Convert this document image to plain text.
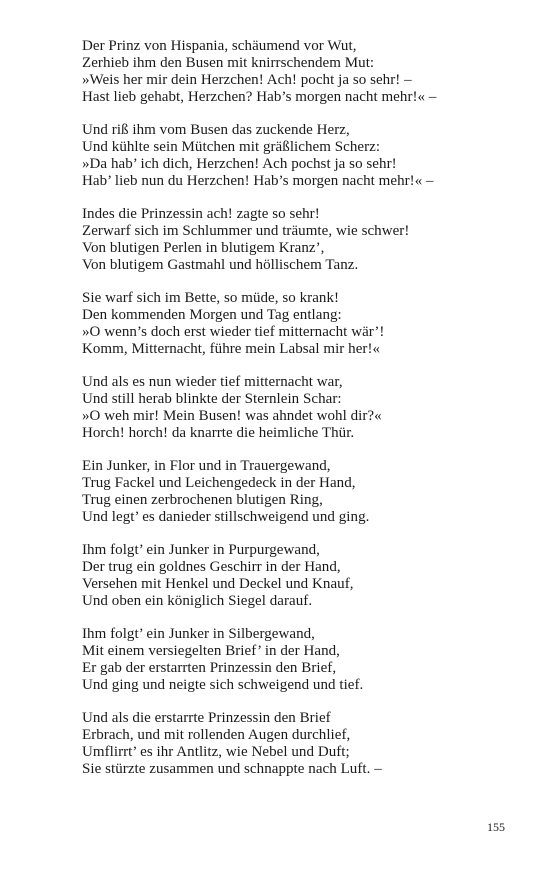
Der Prinz von Hispania, schäumend vor Wut,
Zerhieb ihm den Busen mit knirrschendem Mut:
»Weis her mir dein Herzchen! Ach! pocht ja so sehr! –
Hast lieb gehabt, Herzchen? Hab’s morgen nacht mehr!« –
Und riß ihm vom Busen das zuckende Herz,
Und kühlte sein Mütchen mit gräßlichem Scherz:
»Da hab’ ich dich, Herzchen! Ach pochst ja so sehr!
Hab’ lieb nun du Herzchen! Hab’s morgen nacht mehr!« –
Indes die Prinzessin ach! zagte so sehr!
Zerwarf sich im Schlummer und träumte, wie schwer!
Von blutigen Perlen in blutigem Kranz’,
Von blutigem Gastmahl und höllischem Tanz.
Sie warf sich im Bette, so müde, so krank!
Den kommenden Morgen und Tag entlang:
»O wenn’s doch erst wieder tief mitternacht wär’!
Komm, Mitternacht, führe mein Labsal mir her!«
Und als es nun wieder tief mitternacht war,
Und still herab blinkte der Sternlein Schar:
»O weh mir! Mein Busen! was ahndet wohl dir?«
Horch! horch! da knarrte die heimliche Thür.
Ein Junker, in Flor und in Trauergewand,
Trug Fackel und Leichengedeck in der Hand,
Trug einen zerbrochenen blutigen Ring,
Und legt’ es danieder stillschweigend und ging.
Ihm folgt’ ein Junker in Purpurgewand,
Der trug ein goldnes Geschirr in der Hand,
Versehen mit Henkel und Deckel und Knauf,
Und oben ein königlich Siegel darauf.
Ihm folgt’ ein Junker in Silbergewand,
Mit einem versiegelten Brief’ in der Hand,
Er gab der erstarrten Prinzessin den Brief,
Und ging und neigte sich schweigend und tief.
Und als die erstarrte Prinzessin den Brief
Erbrach, und mit rollenden Augen durchlief,
Umflirrt’ es ihr Antlitz, wie Nebel und Duft;
Sie stürzte zusammen und schnappte nach Luft. –
155
